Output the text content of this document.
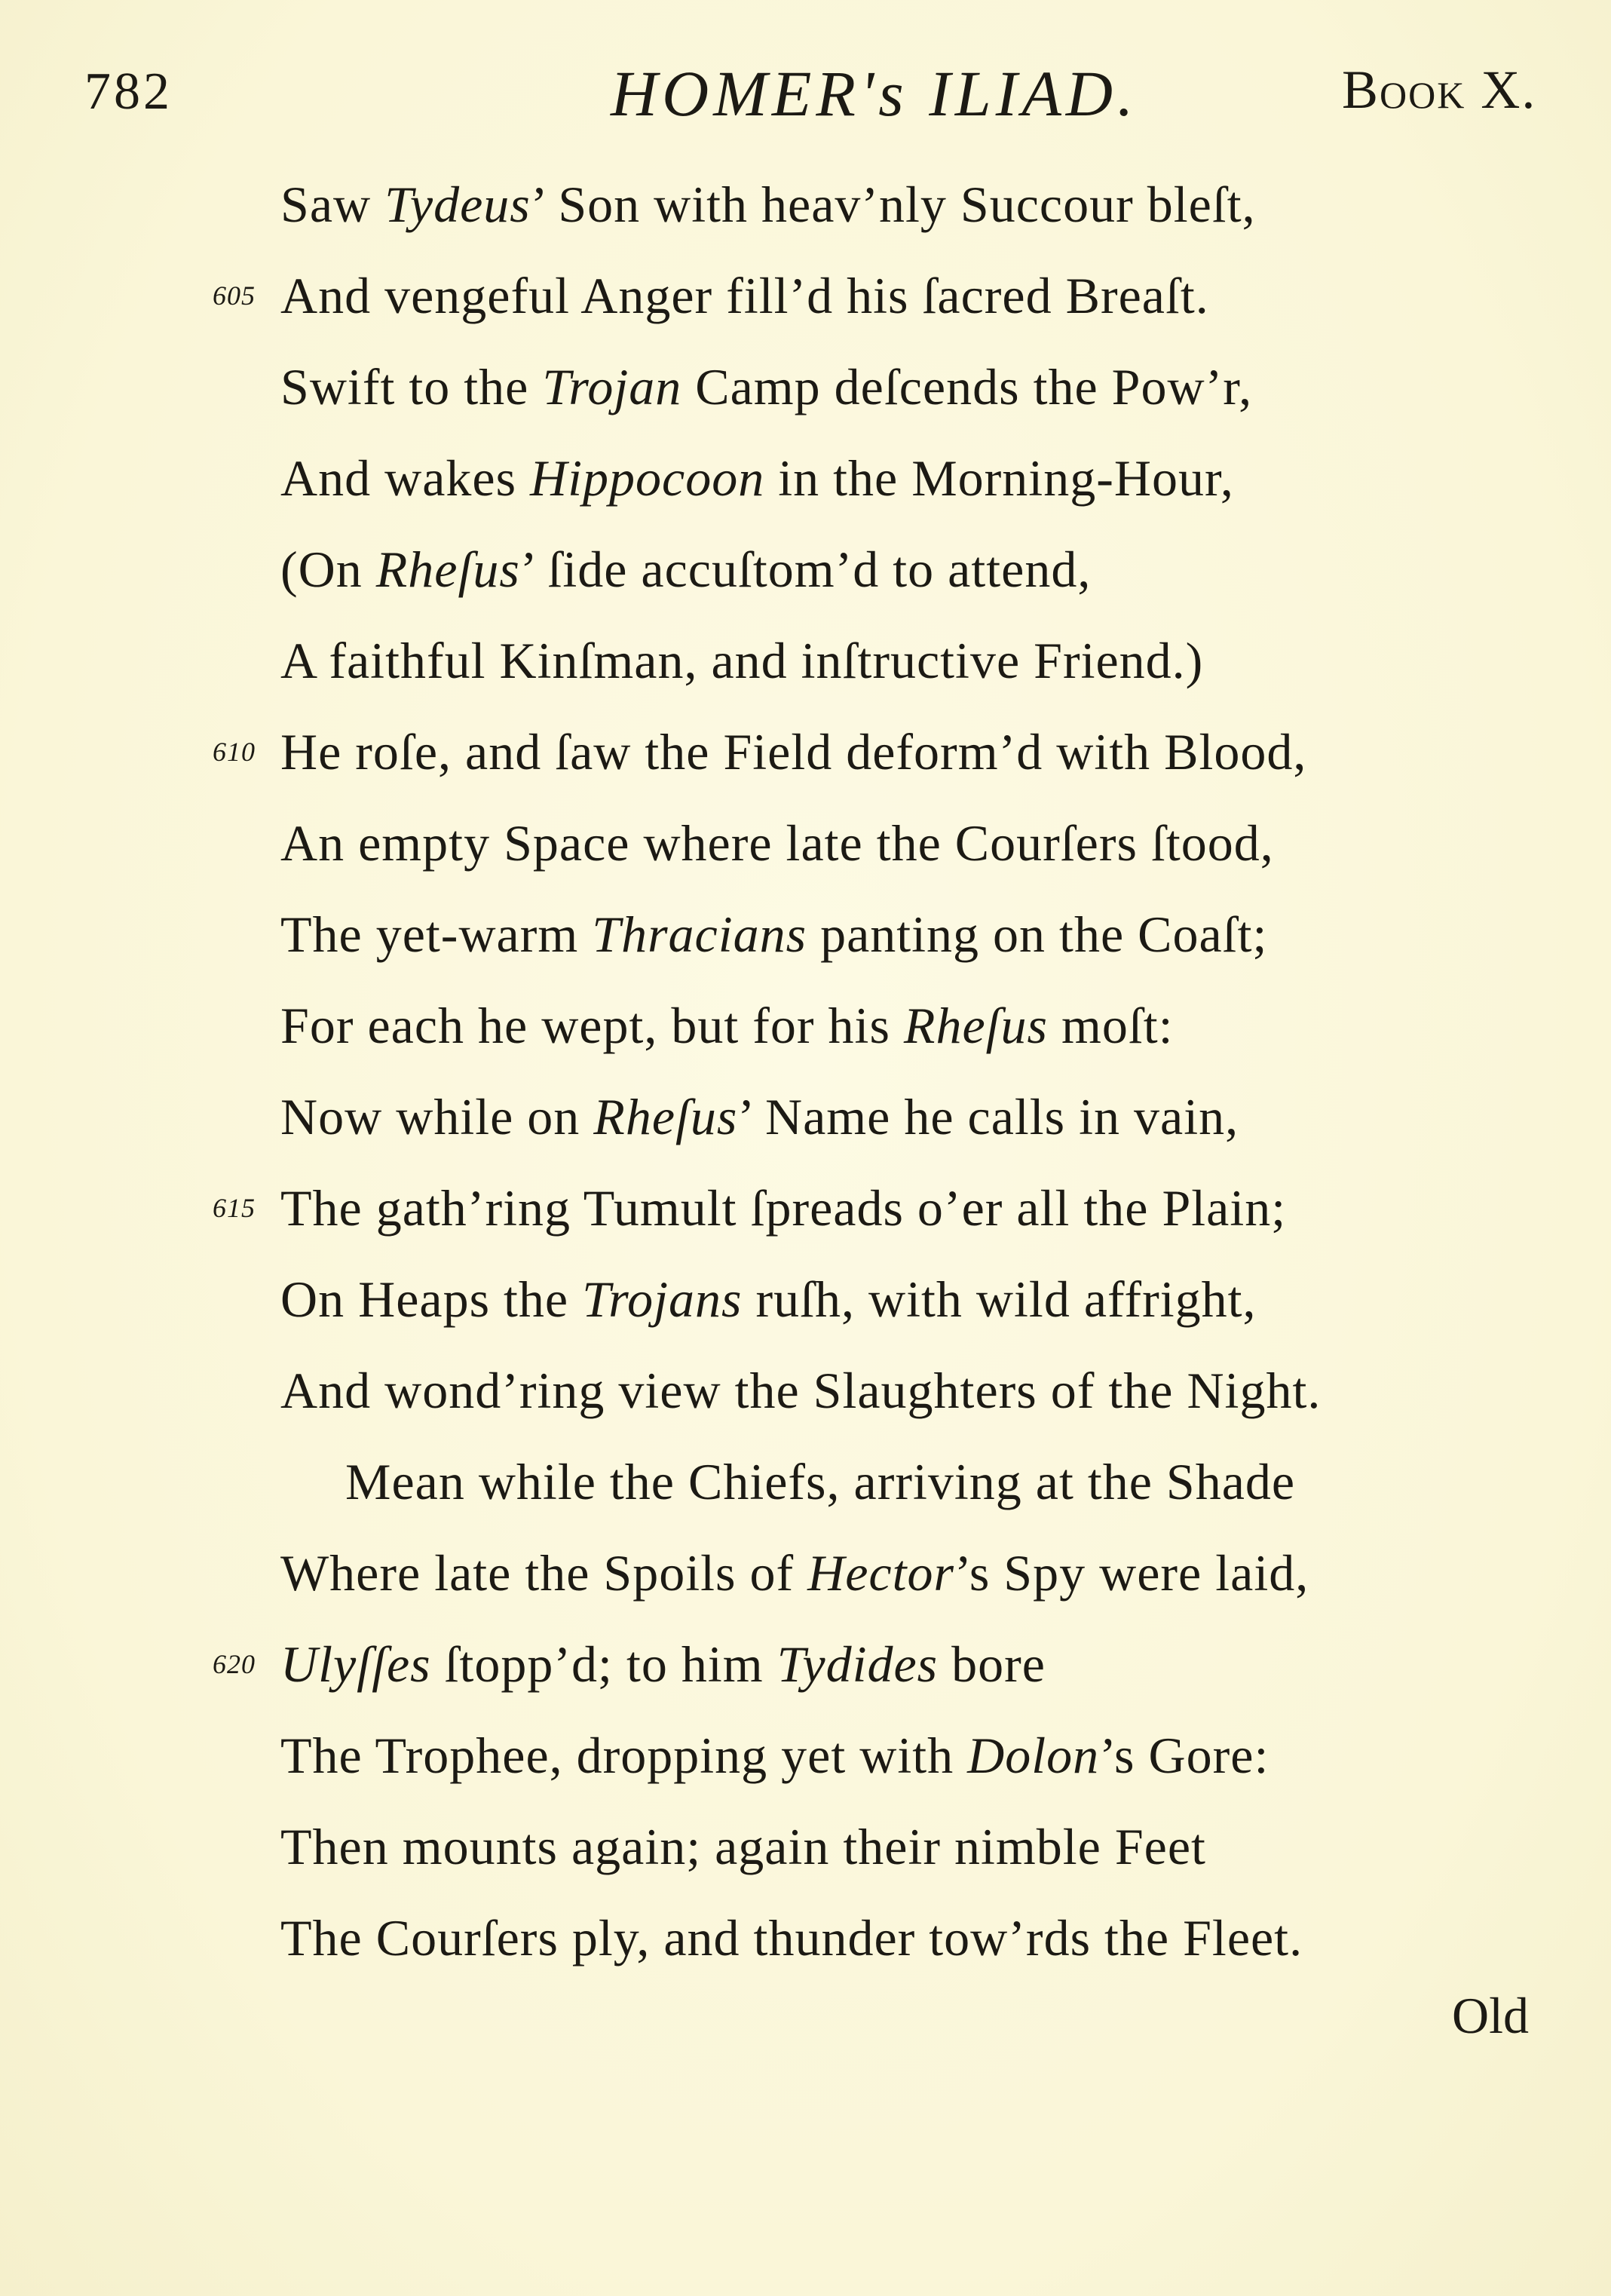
782	HOMER's ILIAD.	Book X.
Saw Tydeus’ Son with heav’nly Succour bleſt,
605 And vengeful Anger fill’d his ſacred Breaſt.
Swift to the Trojan Camp deſcends the Pow’r,
And wakes Hippocoon in the Morning-Hour,
(On Rheſus’ ſide accuſtom’d to attend,
A faithful Kinſman, and inſtructive Friend.)
610 He roſe, and ſaw the Field deform’d with Blood,
An empty Space where late the Courſers ſtood,
The yet-warm Thracians panting on the Coaſt;
For each he wept, but for his Rheſus moſt:
Now while on Rheſus’ Name he calls in vain,
615 The gath’ring Tumult ſpreads o’er all the Plain;
On Heaps the Trojans ruſh, with wild affright,
And wond’ring view the Slaughters of the Night.
Mean while the Chiefs, arriving at the Shade
Where late the Spoils of Hector’s Spy were laid,
620 Ulyſſes ſtopp’d; to him Tydides bore
The Trophee, dropping yet with Dolon’s Gore:
Then mounts again; again their nimble Feet
The Courſers ply, and thunder tow’rds the Fleet.
Old
